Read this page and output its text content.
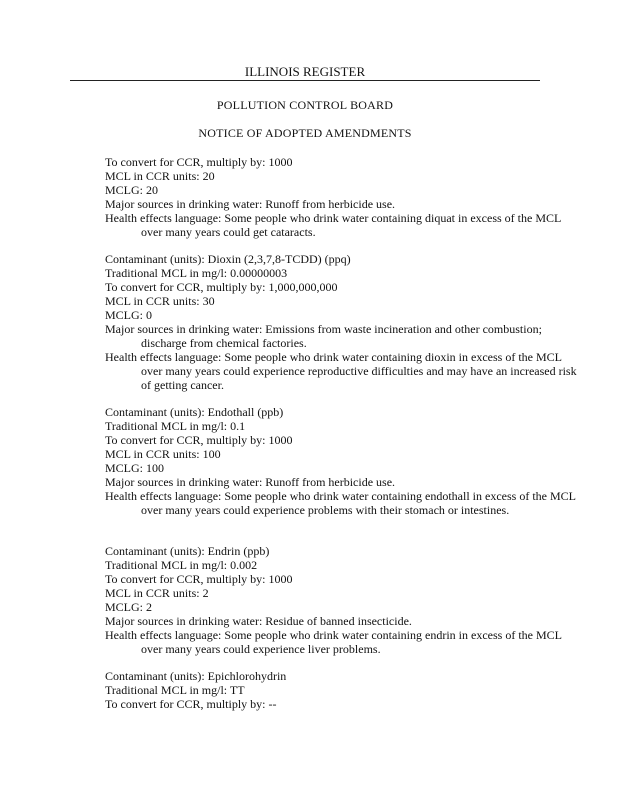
ILLINOIS REGISTER
POLLUTION CONTROL BOARD
NOTICE OF ADOPTED AMENDMENTS
To convert for CCR, multiply by: 1000
MCL in CCR units: 20
MCLG: 20
Major sources in drinking water: Runoff from herbicide use.
Health effects language: Some people who drink water containing diquat in excess of the MCL over many years could get cataracts.
Contaminant (units): Dioxin (2,3,7,8-TCDD) (ppq)
Traditional MCL in mg/l: 0.00000003
To convert for CCR, multiply by: 1,000,000,000
MCL in CCR units: 30
MCLG: 0
Major sources in drinking water: Emissions from waste incineration and other combustion; discharge from chemical factories.
Health effects language: Some people who drink water containing dioxin in excess of the MCL over many years could experience reproductive difficulties and may have an increased risk of getting cancer.
Contaminant (units): Endothall (ppb)
Traditional MCL in mg/l: 0.1
To convert for CCR, multiply by: 1000
MCL in CCR units: 100
MCLG: 100
Major sources in drinking water: Runoff from herbicide use.
Health effects language: Some people who drink water containing endothall in excess of the MCL over many years could experience problems with their stomach or intestines.
Contaminant (units): Endrin (ppb)
Traditional MCL in mg/l: 0.002
To convert for CCR, multiply by: 1000
MCL in CCR units: 2
MCLG: 2
Major sources in drinking water: Residue of banned insecticide.
Health effects language: Some people who drink water containing endrin in excess of the MCL over many years could experience liver problems.
Contaminant (units): Epichlorohydrin
Traditional MCL in mg/l: TT
To convert for CCR, multiply by: --
